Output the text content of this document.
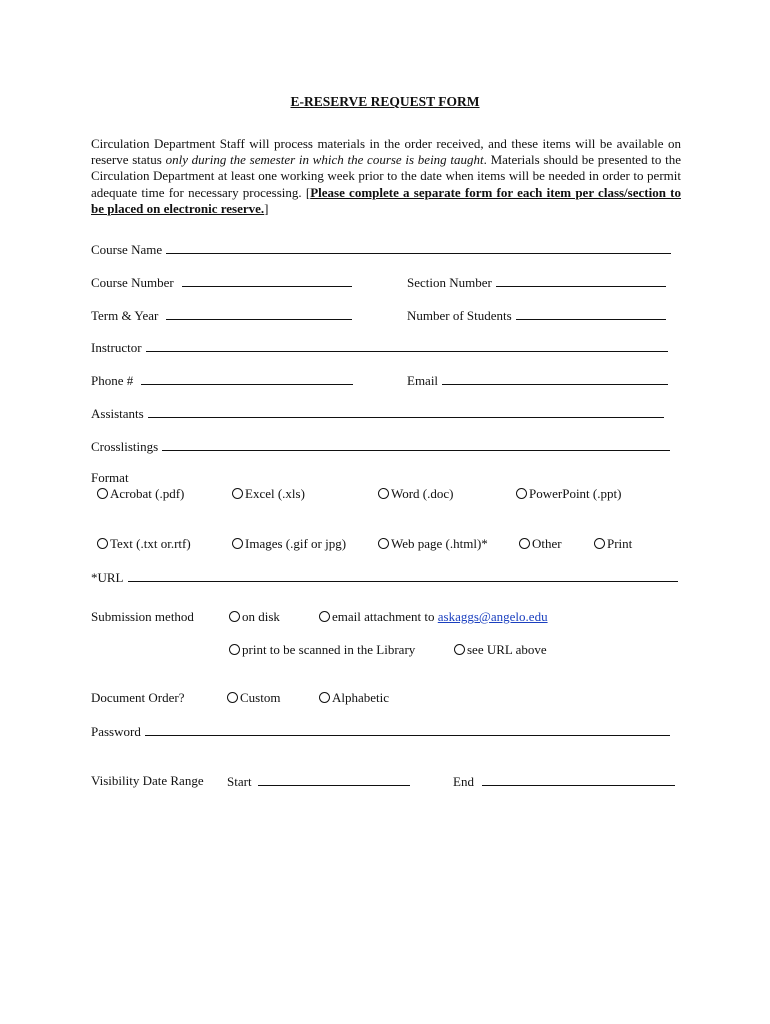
E-RESERVE REQUEST FORM
Circulation Department Staff will process materials in the order received, and these items will be available on reserve status only during the semester in which the course is being taught. Materials should be presented to the Circulation Department at least one working week prior to the date when items will be needed in order to permit adequate time for necessary processing. [Please complete a separate form for each item per class/section to be placed on electronic reserve.]
Course Name
Course Number	Section Number
Term & Year	Number of Students
Instructor
Phone #	Email
Assistants
Crosslistings
Format
Acrobat (.pdf)	Excel (.xls)	Word (.doc)	PowerPoint (.ppt)
Text (.txt or.rtf)	Images (.gif or jpg)	Web page (.html)*	Other	Print
*URL
Submission method	on disk	email attachment to askaggs@angelo.edu
print to be scanned in the Library	see URL above
Document Order?	Custom	Alphabetic
Password
Visibility Date Range Start	End
